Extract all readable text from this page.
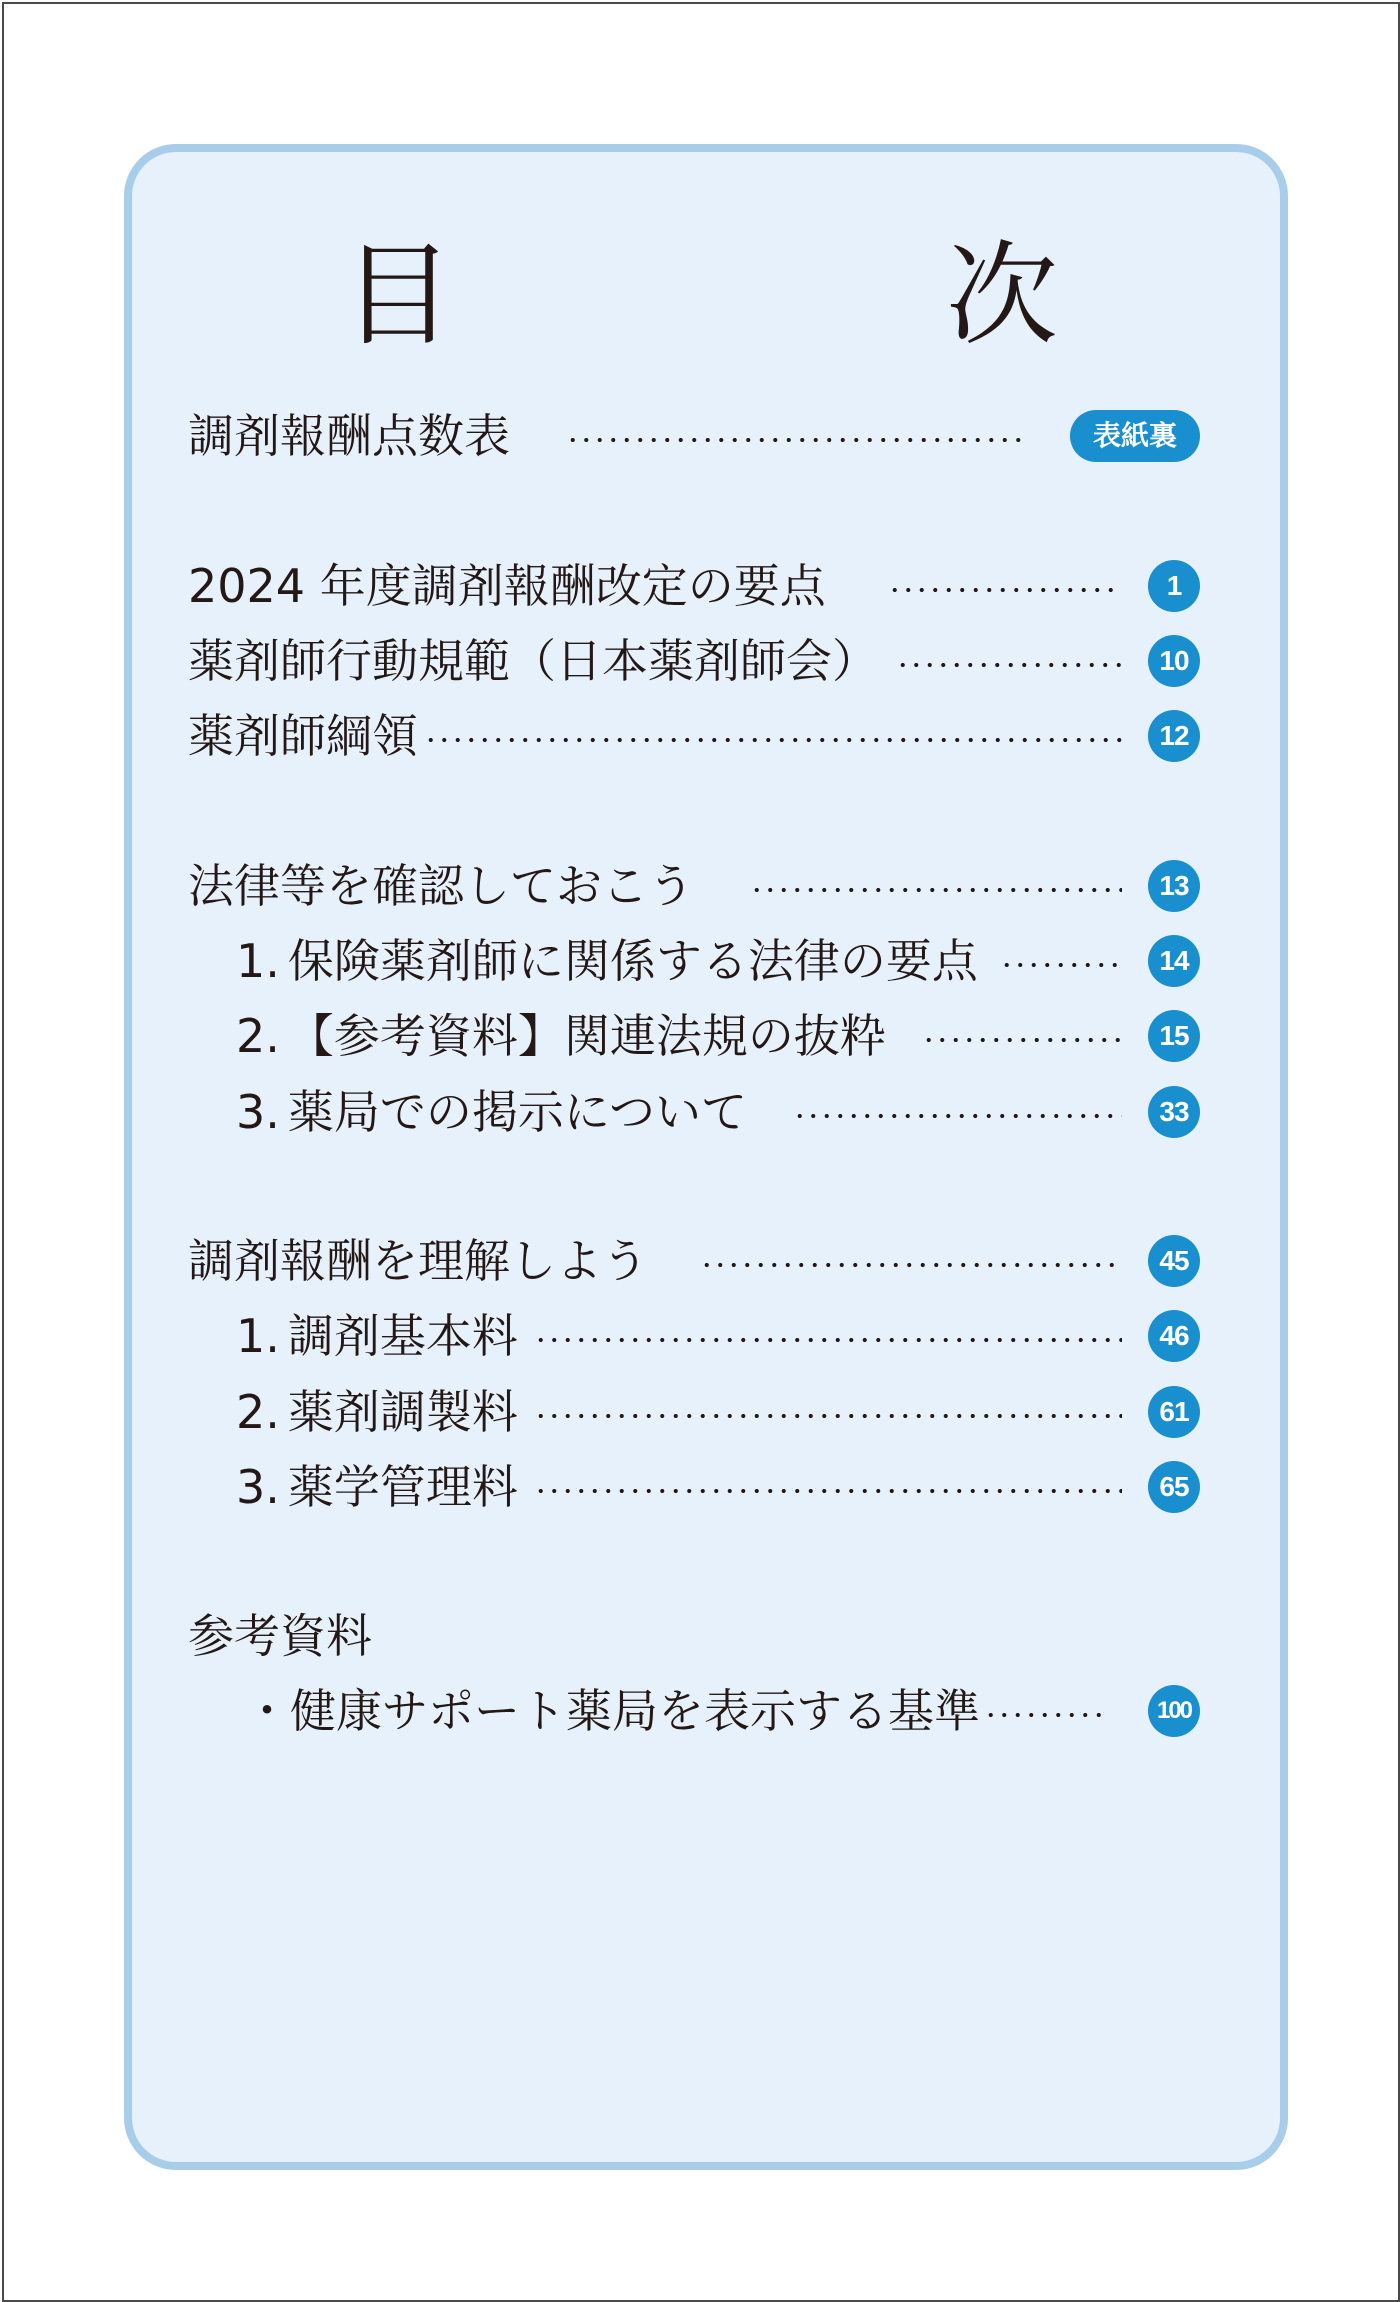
目　次
調剤報酬点数表	表紙裏
2024 年度調剤報酬改定の要点	1
薬剤師行動規範（日本薬剤師会）	10
薬剤師綱領	12
法律等を確認しておこう	13
1. 保険薬剤師に関係する法律の要点	14
2. 【参考資料】関連法規の抜粋	15
3. 薬局での掲示について	33
調剤報酬を理解しよう	45
1. 調剤基本料	46
2. 薬剤調製料	61
3. 薬学管理料	65
参考資料
・健康サポート薬局を表示する基準	100
